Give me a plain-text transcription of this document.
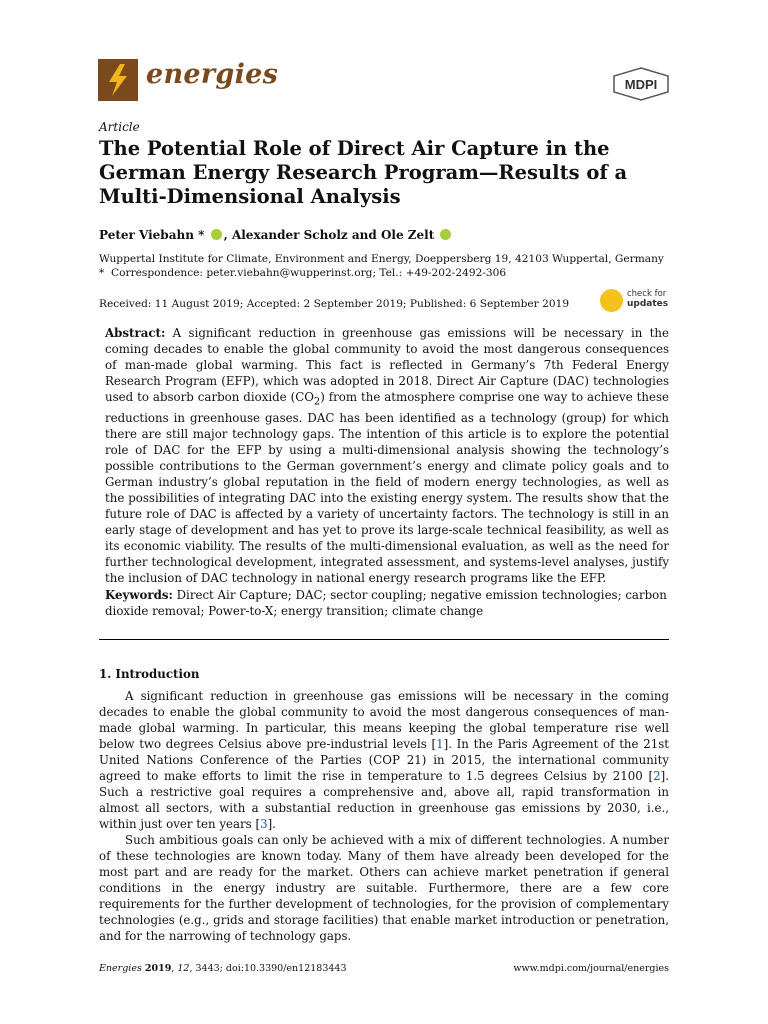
energies	MDPI
Article
The Potential Role of Direct Air Capture in the German Energy Research Program—Results of a Multi-Dimensional Analysis
Peter Viebahn * , Alexander Scholz and Ole Zelt

Wuppertal Institute for Climate, Environment and Energy, Doeppersberg 19, 42103 Wuppertal, Germany

* Correspondence: peter.viebahn@wupperinst.org; Tel.: +49-202-2492-306

Received: 11 August 2019; Accepted: 2 September 2019; Published: 6 September 2019
check for
updates

Abstract: A significant reduction in greenhouse gas emissions will be necessary in the coming decades to enable the global community to avoid the most dangerous consequences of man-made global warming. This fact is reflected in Germany’s 7th Federal Energy Research Program (EFP), which was adopted in 2018. Direct Air Capture (DAC) technologies used to absorb carbon dioxide $(CO_2)$ from the atmosphere comprise one way to achieve these reductions in greenhouse gases. DAC has been identified as a technology (group) for which there are still major technology gaps. The intention of this article is to explore the potential role of DAC for the EFP by using a multi-dimensional analysis showing the technology’s possible contributions to the German government’s energy and climate policy goals and to German industry’s global reputation in the field of modern energy technologies, as well as the possibilities of integrating DAC into the existing energy system. The results show that the future role of DAC is affected by a variety of uncertainty factors. The technology is still in an early stage of development and has yet to prove its large-scale technical feasibility, as well as its economic viability. The results of the multi-dimensional evaluation, as well as the need for further technological development, integrated assessment, and systems-level analyses, justify the inclusion of DAC technology in national energy research programs like the EFP.

Keywords: Direct Air Capture; DAC; sector coupling; negative emission technologies; carbon dioxide removal; Power-to-X; energy transition; climate change

1. Introduction

A significant reduction in greenhouse gas emissions will be necessary in the coming decades to enable the global community to avoid the most dangerous consequences of man-made global warming. In particular, this means keeping the global temperature rise well below two degrees Celsius above pre-industrial levels [1]. In the Paris Agreement of the 21st United Nations Conference of the Parties (COP 21) in 2015, the international community agreed to make efforts to limit the rise in temperature to 1.5 degrees Celsius by 2100 [2]. Such a restrictive goal requires a comprehensive and, above all, rapid transformation in almost all sectors, with a substantial reduction in greenhouse gas emissions by 2030, i.e., within just over ten years [3].

Such ambitious goals can only be achieved with a mix of different technologies. A number of these technologies are known today. Many of them have already been developed for the most part and are ready for the market. Others can achieve market penetration if general conditions in the energy industry are suitable. Furthermore, there are a few core requirements for the further development of technologies, for the provision of complementary technologies (e.g., grids and storage facilities) that enable market introduction or penetration, and for the narrowing of technology gaps.

Energies 2019, 12, 3443; doi:10.3390/en12183443	www.mdpi.com/journal/energies
